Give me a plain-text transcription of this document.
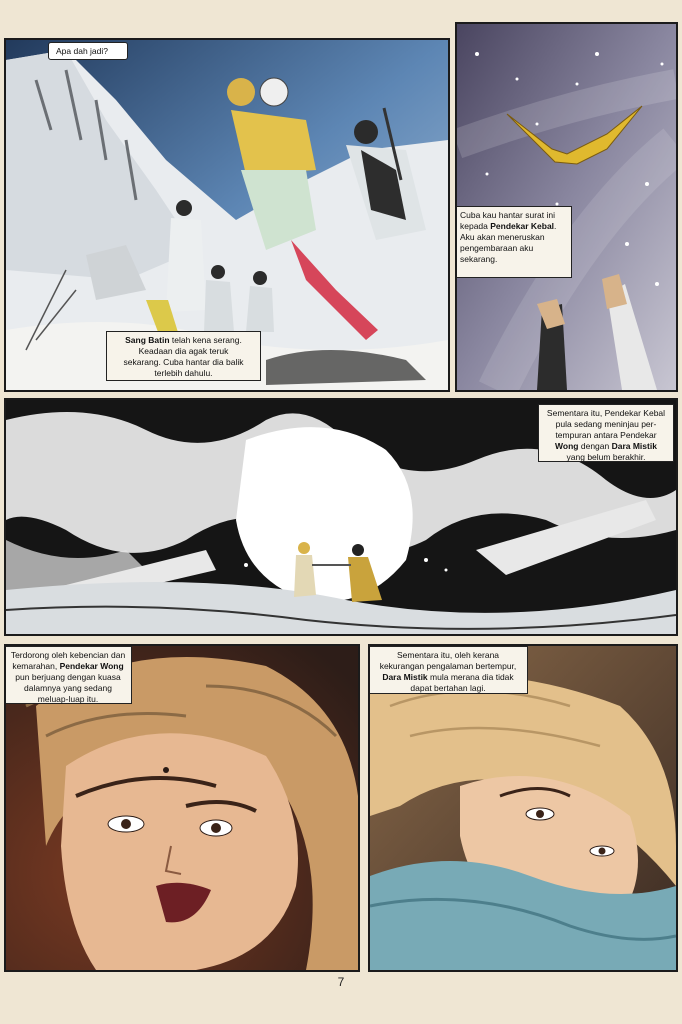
Apa dah jadi?
Sang Batin telah kena serang.
Keadaan dia agak teruk
sekarang. Cuba hantar dia balik
terlebih dahulu.
Cuba kau hantar surat ini
kepada Pendekar Kebal.
Aku akan meneruskan
pengembaraan aku
sekarang.
Sementara itu, Pendekar Kebal
pula sedang meninjau per-
tempuran antara Pendekar
Wong dengan Dara Mistik
yang belum berakhir.
Terdorong oleh kebencian dan
kemarahan, Pendekar Wong
pun berjuang dengan kuasa
dalamnya yang sedang
meluap-luap itu.
Sementara itu, oleh kerana
kekurangan pengalaman bertempur,
Dara Mistik mula merana dia tidak
dapat bertahan lagi.
7
